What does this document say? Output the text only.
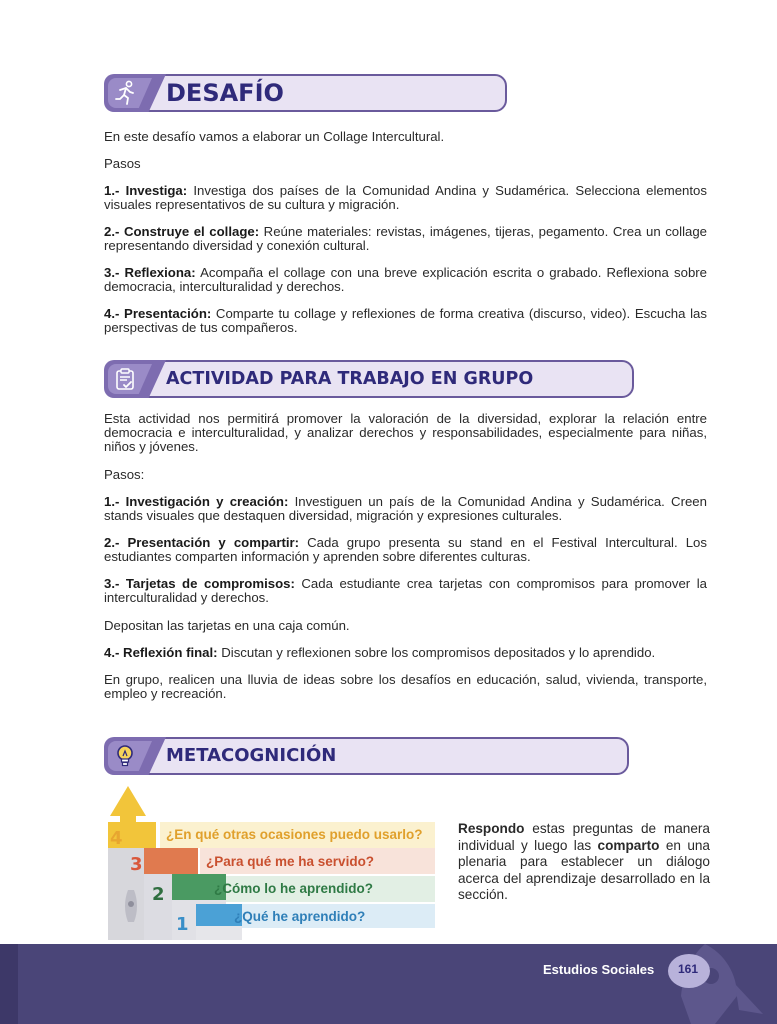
DESAFÍO

En este desafío vamos a elaborar un Collage Intercultural.

Pasos

1.- Investiga: Investiga dos países de la Comunidad Andina y Sudamérica. Selecciona elementos visuales representativos de su cultura y migración.

2.- Construye el collage: Reúne materiales: revistas, imágenes, tijeras, pegamento. Crea un collage representando diversidad y conexión cultural.

3.- Reflexiona: Acompaña el collage con una breve explicación escrita o grabado. Reflexiona sobre democracia, interculturalidad y derechos.

4.- Presentación: Comparte tu collage y reflexiones de forma creativa (discurso, video). Escucha las perspectivas de tus compañeros.

ACTIVIDAD PARA TRABAJO EN GRUPO

Esta actividad nos permitirá promover la valoración de la diversidad, explorar la relación entre democracia e interculturalidad, y analizar derechos y responsabilidades, especialmente para niñas, niños y jóvenes.

Pasos:

1.- Investigación y creación: Investiguen un país de la Comunidad Andina y Sudamérica. Creen stands visuales que destaquen diversidad, migración y expresiones culturales.

2.- Presentación y compartir: Cada grupo presenta su stand en el Festival Intercultural. Los estudiantes comparten información y aprenden sobre diferentes culturas.

3.- Tarjetas de compromisos: Cada estudiante crea tarjetas con compromisos para promover la interculturalidad y derechos.

Depositan las tarjetas en una caja común.

4.- Reflexión final: Discutan y reflexionen sobre los compromisos depositados y lo aprendido.

En grupo, realicen una lluvia de ideas sobre los desafíos en educación, salud, vivienda, transporte, empleo y recreación.

METACOGNICIÓN
4
3
2
1
¿En qué otras ocasiones puedo usarlo?
¿Para qué me ha servido?
¿Cómo lo he aprendido?
¿Qué he aprendido?

Respondo estas preguntas de manera individual y luego las comparto en una plenaria para establecer un diálogo acerca del aprendizaje desarrollado en la sección.

Estudios Sociales	161
